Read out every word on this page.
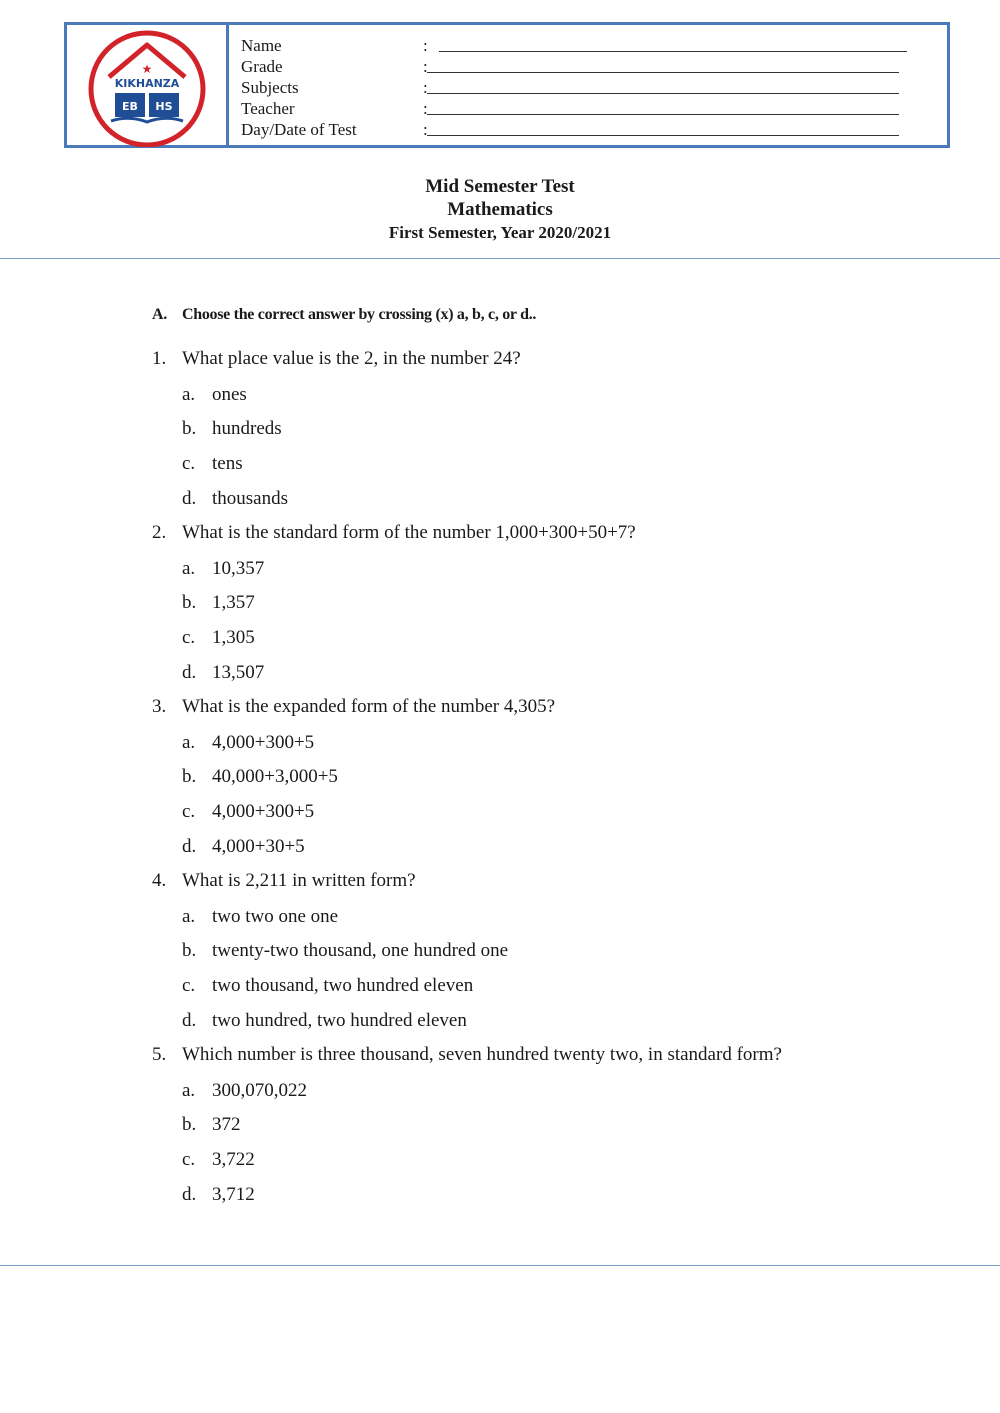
★
KIKHANZA
EB HS
Name	:
Grade	:
Subjects	:
Teacher	:
Day/Date of Test	:
Mid Semester Test
Mathematics
First Semester, Year 2020/2021
A. Choose the correct answer by crossing (x) a, b, c, or d..
1. What place value is the 2, in the number 24?
a. ones
b. hundreds
c. tens
d. thousands
2. What is the standard form of the number 1,000+300+50+7?
a. 10,357
b. 1,357
c. 1,305
d. 13,507
3. What is the expanded form of the number 4,305?
a. 4,000+300+5
b. 40,000+3,000+5
c. 4,000+300+5
d. 4,000+30+5
4. What is 2,211 in written form?
a. two two one one
b. twenty-two thousand, one hundred one
c. two thousand, two hundred eleven
d. two hundred, two hundred eleven
5. Which number is three thousand, seven hundred twenty two, in standard form?
a. 300,070,022
b. 372
c. 3,722
d. 3,712
